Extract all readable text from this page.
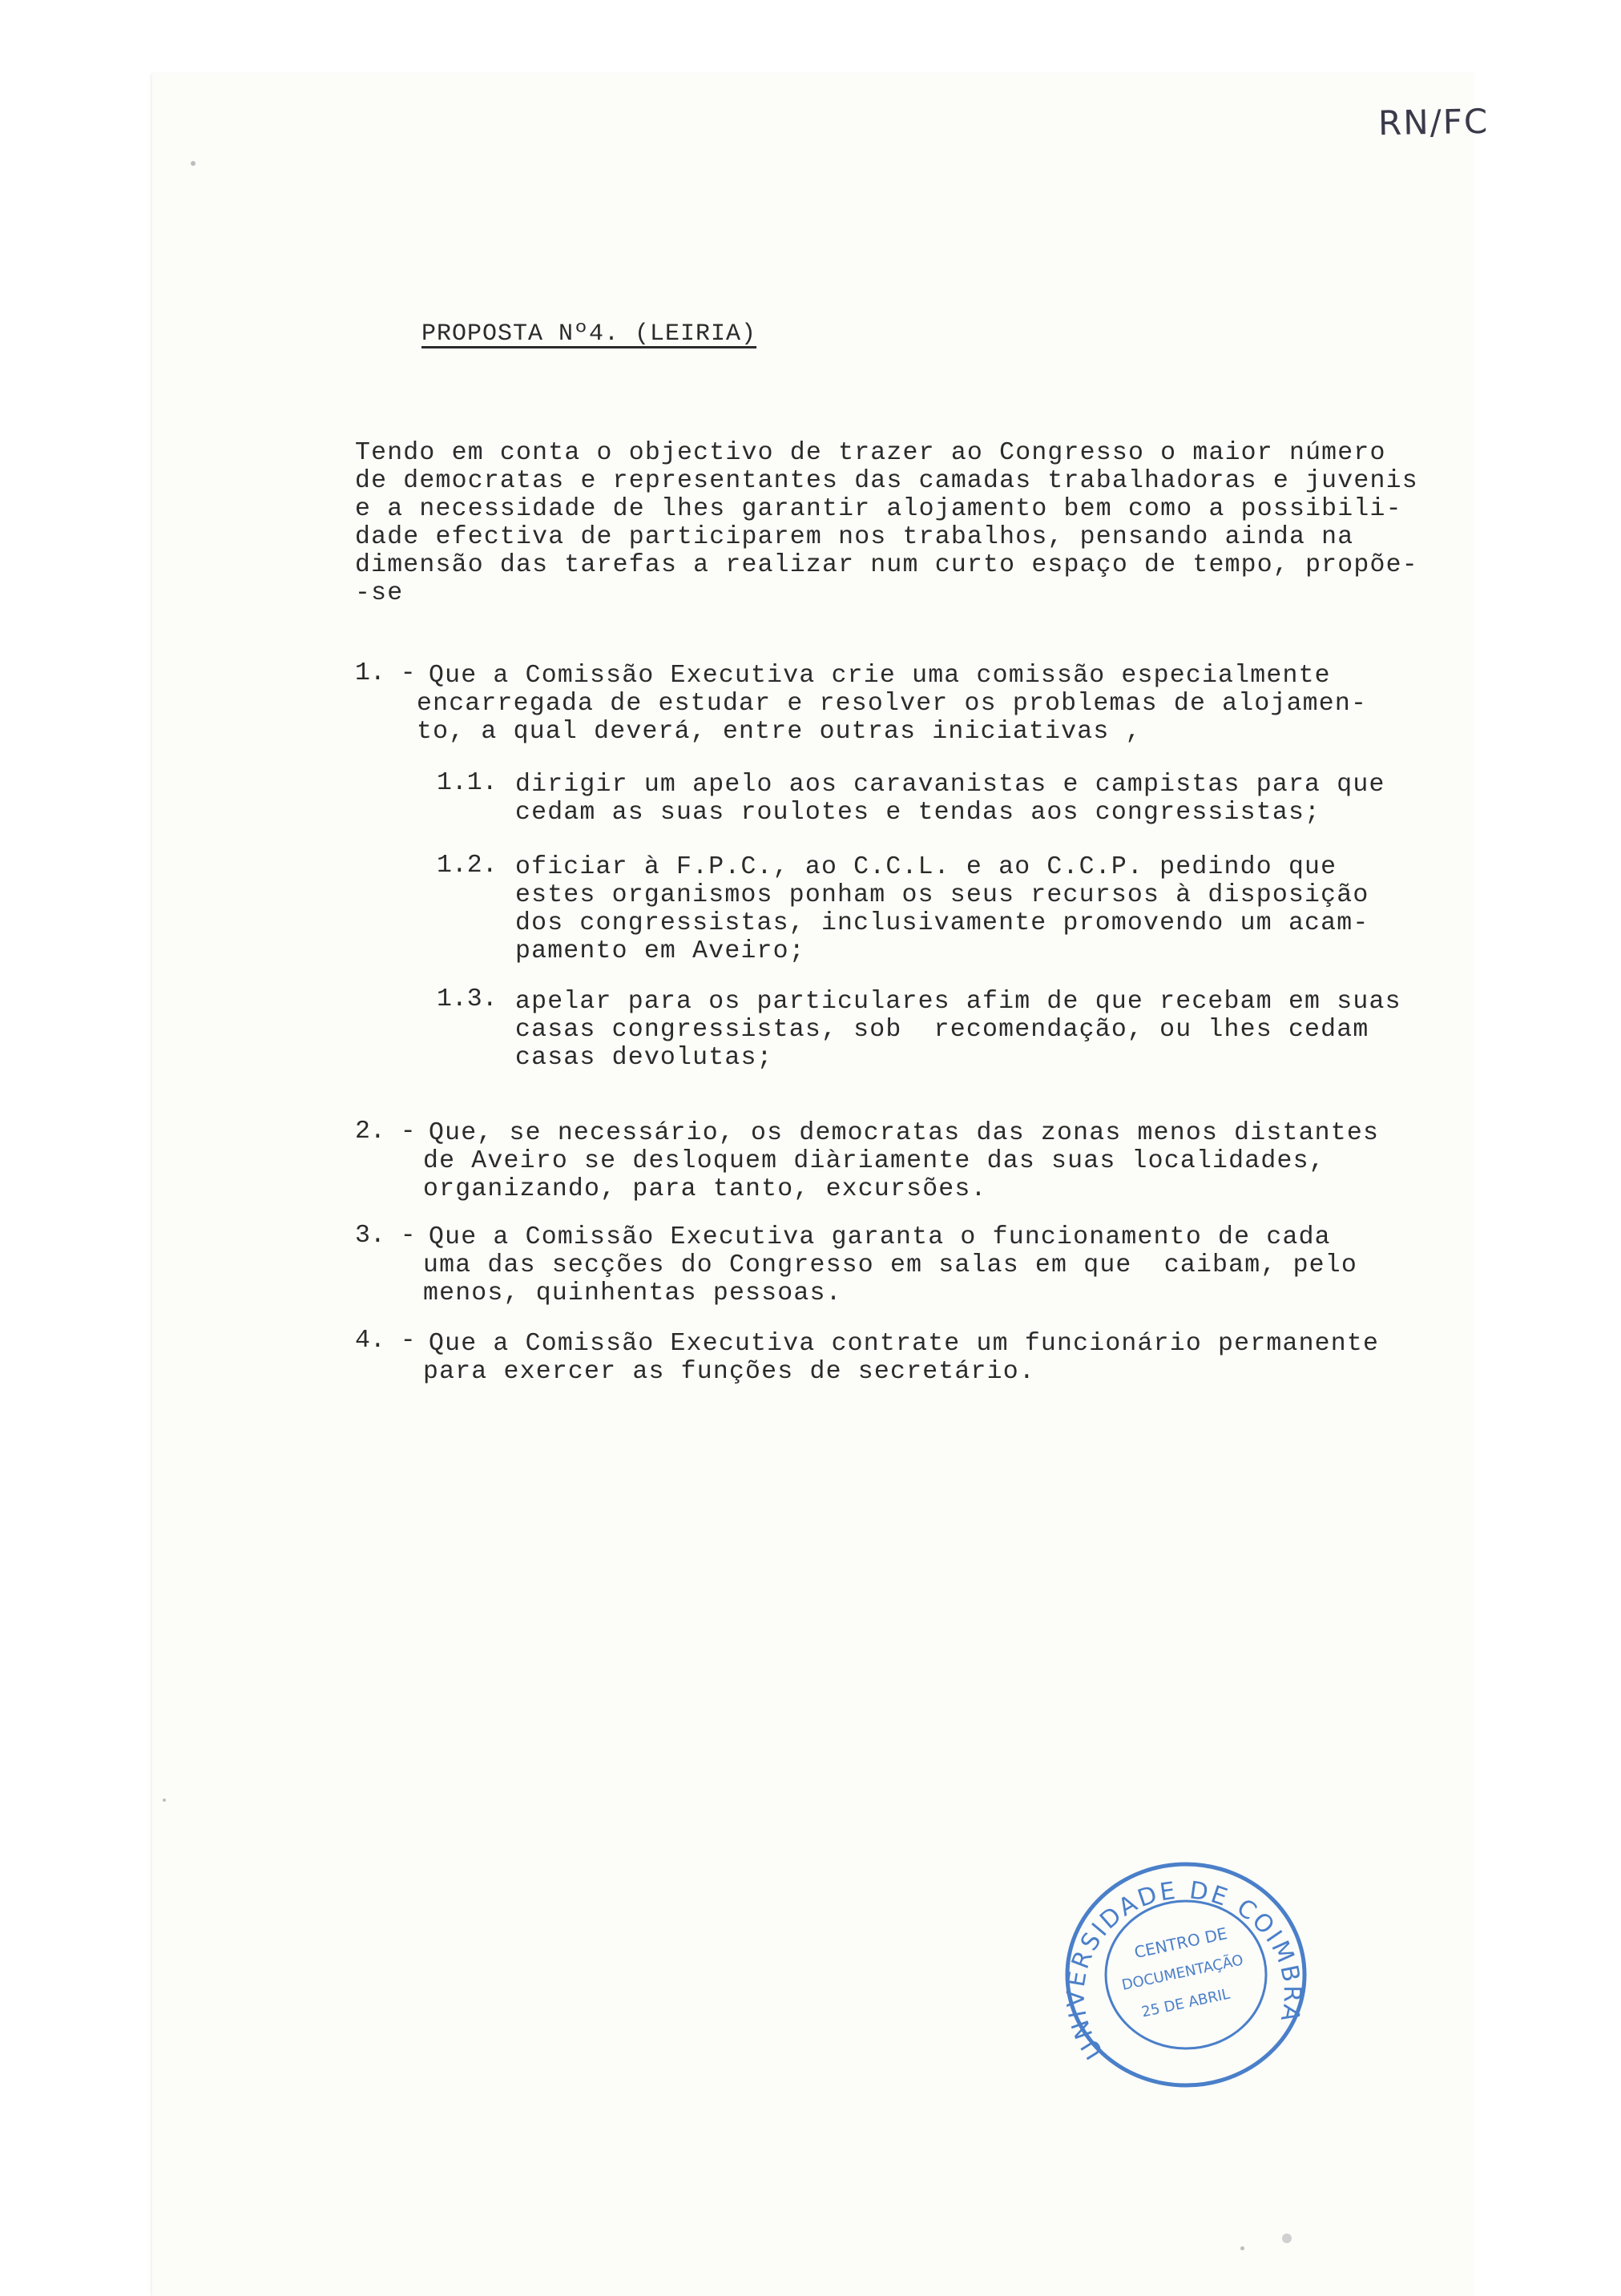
RN/FC
PROPOSTA Nº4. (LEIRIA)
Tendo em conta o objectivo de trazer ao Congresso o maior número
de democratas e representantes das camadas trabalhadoras e juvenis
e a necessidade de lhes garantir alojamento bem como a possibili-
dade efectiva de participarem nos trabalhos, pensando ainda na
dimensão das tarefas a realizar num curto espaço de tempo, propõe-
-se
1. - Que a Comissão Executiva crie uma comissão especialmente
encarregada de estudar e resolver os problemas de alojamen-
to, a qual deverá, entre outras iniciativas ,
1.1. dirigir um apelo aos caravanistas e campistas para que
cedam as suas roulotes e tendas aos congressistas;
1.2. oficiar à F.P.C., ao C.C.L. e ao C.C.P. pedindo que
estes organismos ponham os seus recursos à disposição
dos congressistas, inclusivamente promovendo um acam-
pamento em Aveiro;
1.3. apelar para os particulares afim de que recebam em suas
casas congressistas, sob  recomendação, ou lhes cedam
casas devolutas;
2. - Que, se necessário, os democratas das zonas menos distantes
de Aveiro se desloquem diàriamente das suas localidades,
organizando, para tanto, excursões.
3. - Que a Comissão Executiva garanta o funcionamento de cada
uma das secções do Congresso em salas em que  caibam, pelo
menos, quinhentas pessoas.
4. - Que a Comissão Executiva contrate um funcionário permanente
para exercer as funções de secretário.
UNIVERSIDADE DE COIMBRA
CENTRO DE
DOCUMENTAÇÃO
25 DE ABRIL
